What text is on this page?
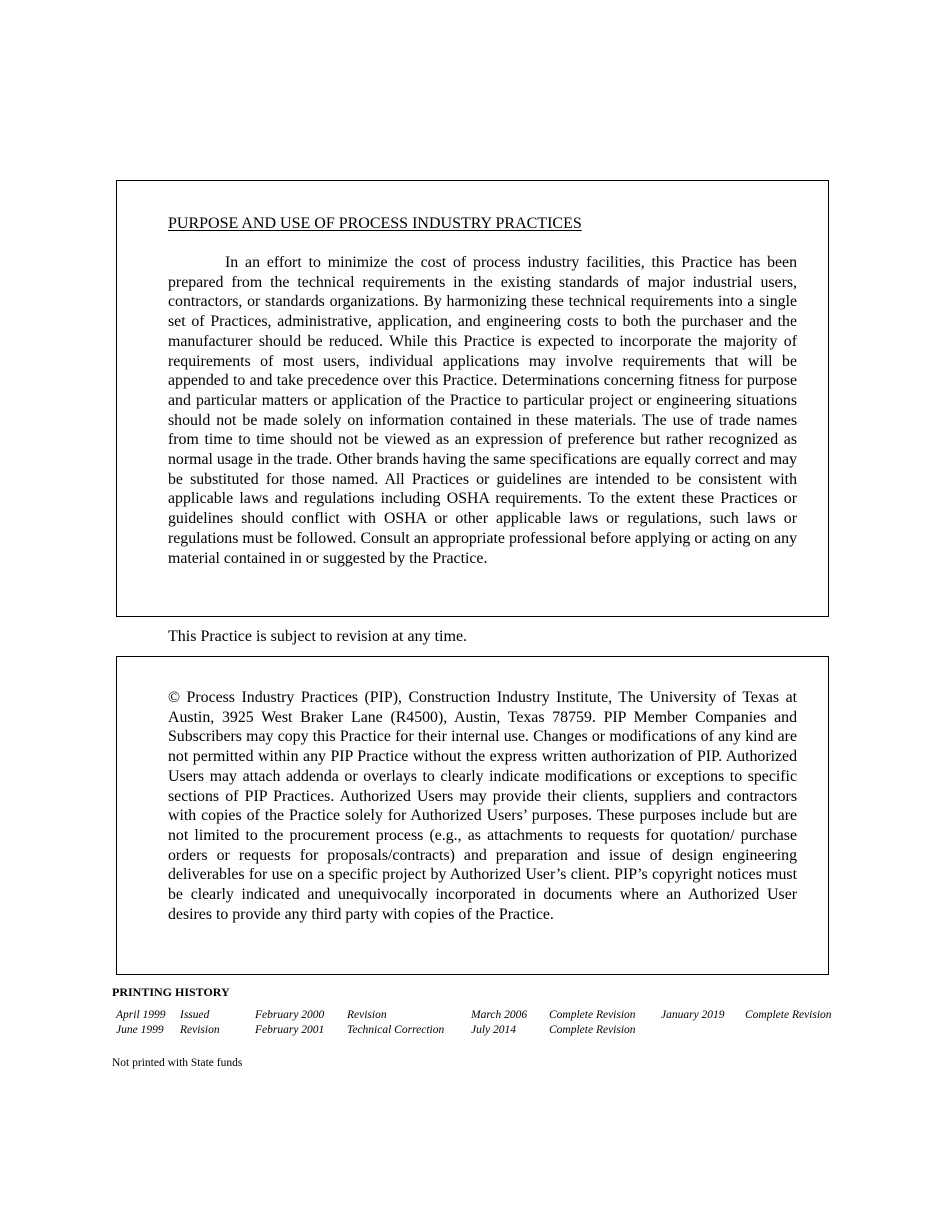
PURPOSE AND USE OF PROCESS INDUSTRY PRACTICES

In an effort to minimize the cost of process industry facilities, this Practice has been prepared from the technical requirements in the existing standards of major industrial users, contractors, or standards organizations. By harmonizing these technical requirements into a single set of Practices, administrative, application, and engineering costs to both the purchaser and the manufacturer should be reduced. While this Practice is expected to incorporate the majority of requirements of most users, individual applications may involve requirements that will be appended to and take precedence over this Practice. Determinations concerning fitness for purpose and particular matters or application of the Practice to particular project or engineering situations should not be made solely on information contained in these materials. The use of trade names from time to time should not be viewed as an expression of preference but rather recognized as normal usage in the trade. Other brands having the same specifications are equally correct and may be substituted for those named. All Practices or guidelines are intended to be consistent with applicable laws and regulations including OSHA requirements. To the extent these Practices or guidelines should conflict with OSHA or other applicable laws or regulations, such laws or regulations must be followed. Consult an appropriate professional before applying or acting on any material contained in or suggested by the Practice.

This Practice is subject to revision at any time.

© Process Industry Practices (PIP), Construction Industry Institute, The University of Texas at Austin, 3925 West Braker Lane (R4500), Austin, Texas 78759. PIP Member Companies and Subscribers may copy this Practice for their internal use. Changes or modifications of any kind are not permitted within any PIP Practice without the express written authorization of PIP. Authorized Users may attach addenda or overlays to clearly indicate modifications or exceptions to specific sections of PIP Practices. Authorized Users may provide their clients, suppliers and contractors with copies of the Practice solely for Authorized Users’ purposes. These purposes include but are not limited to the procurement process (e.g., as attachments to requests for quotation/ purchase orders or requests for proposals/contracts) and preparation and issue of design engineering deliverables for use on a specific project by Authorized User’s client. PIP’s copyright notices must be clearly indicated and unequivocally incorporated in documents where an Authorized User desires to provide any third party with copies of the Practice.

PRINTING HISTORY
April 1999 Issued	February 2000 Revision	March 2006 Complete Revision January 2019 Complete Revision
June 1999 Revision	February 2001 Technical Correction July 2014	Complete Revision
Not printed with State funds
